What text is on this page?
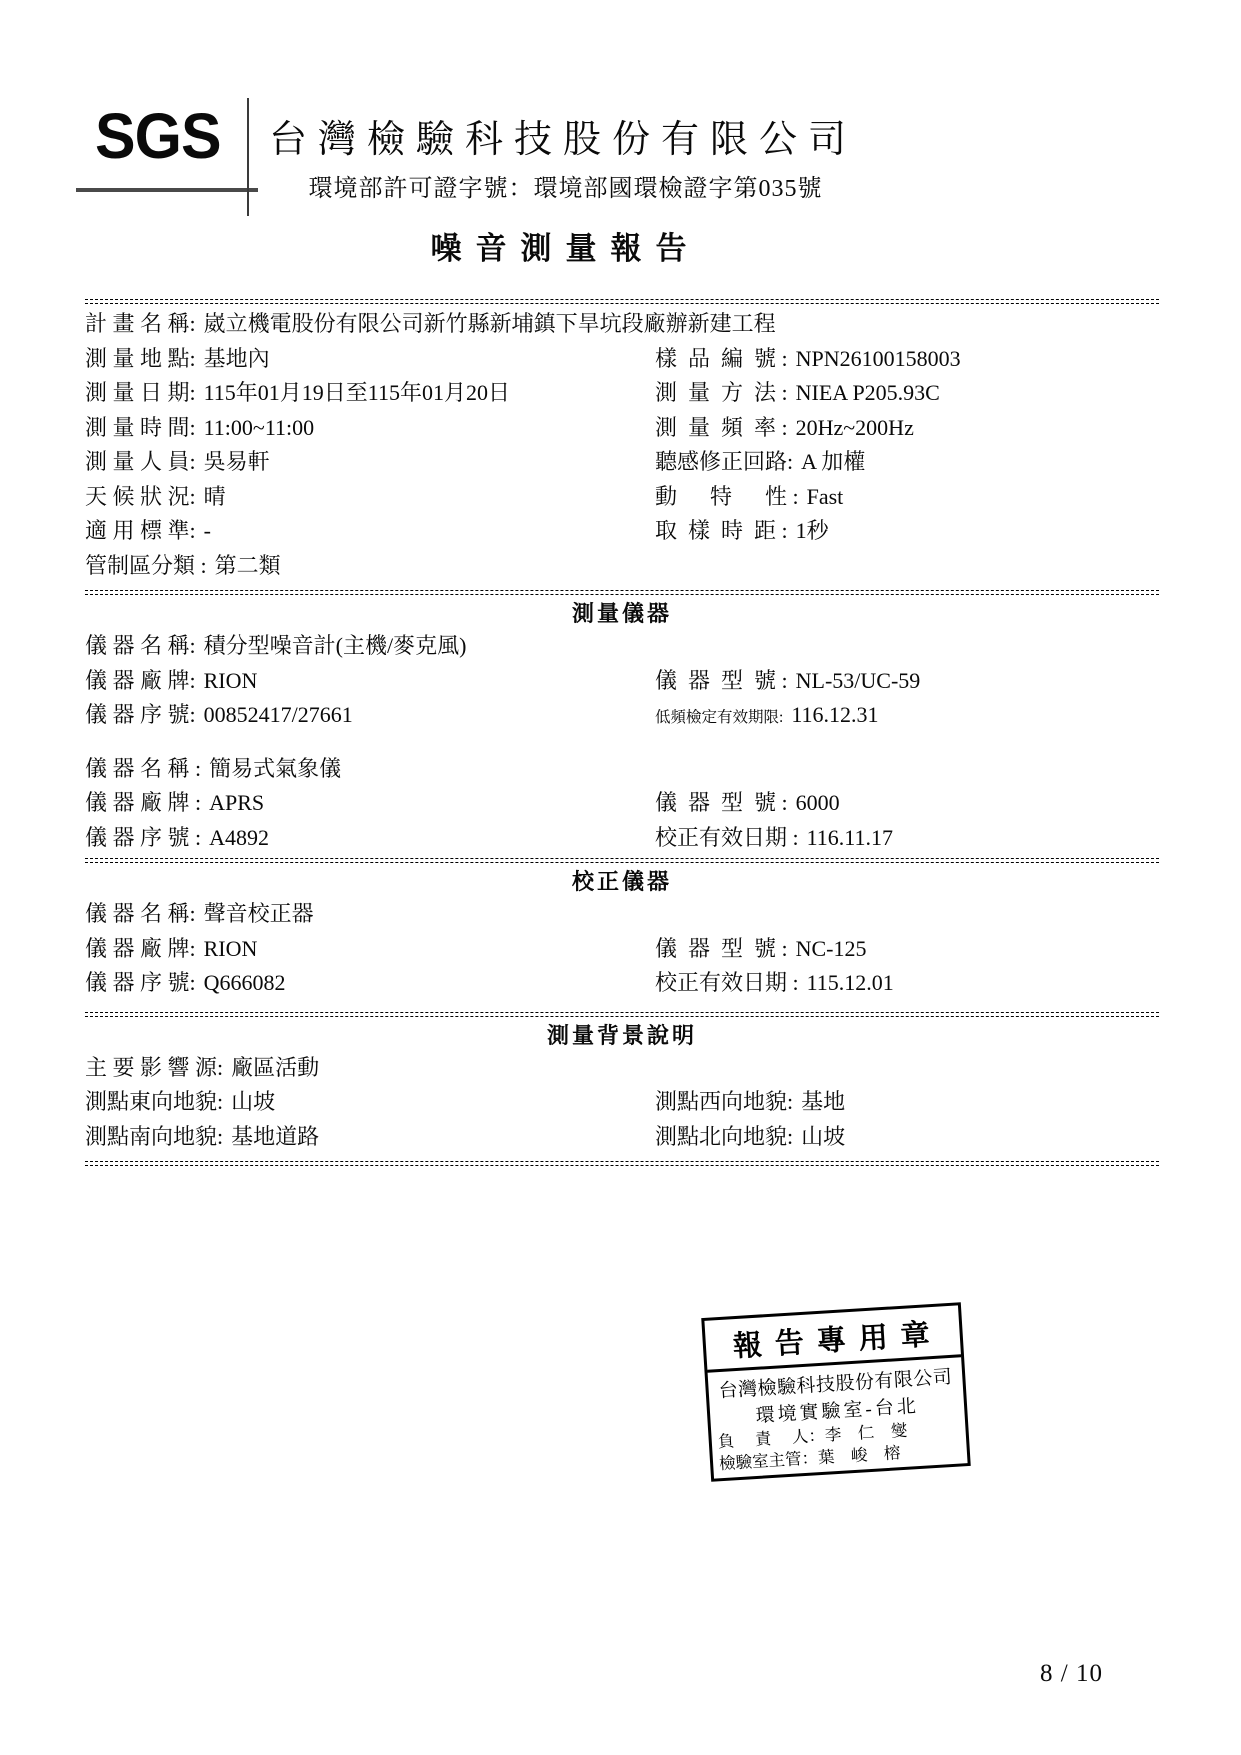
SGS	台灣檢驗科技股份有限公司
環境部許可證字號：環境部國環檢證字第035號
噪音測量報告
計 畫 名 稱: 崴立機電股份有限公司新竹縣新埔鎮下旱坑段廠辦新建工程
測 量 地 點: 基地內	樣  品  編  號 : NPN26100158003
測 量 日 期: 115年01月19日至115年01月20日	測  量  方  法 : NIEA P205.93C
測 量 時 間: 11:00~11:00	測  量  頻  率 : 20Hz~200Hz
測 量 人 員: 吳易軒	聽感修正回路: A 加權
天 候 狀 況: 晴	動　  特　  性 : Fast
適 用 標 準: -	取  樣  時  距 : 1秒
管制區分類 : 第二類
測量儀器
儀 器 名 稱: 積分型噪音計(主機/麥克風)
儀 器 廠 牌: RION	儀  器  型  號 : NL-53/UC-59
儀 器 序 號: 00852417/27661	低頻檢定有效期限: 116.12.31
儀 器 名 稱 : 簡易式氣象儀
儀 器 廠 牌 : APRS	儀  器  型  號 : 6000
儀 器 序 號 : A4892	校正有效日期 : 116.11.17
校正儀器
儀 器 名 稱: 聲音校正器
儀 器 廠 牌: RION	儀  器  型  號 : NC-125
儀 器 序 號: Q666082	校正有效日期 : 115.12.01
測量背景說明
主 要 影 響 源: 廠區活動
測點東向地貌: 山坡	測點西向地貌: 基地
測點南向地貌: 基地道路	測點北向地貌: 山坡
報告專用章
台灣檢驗科技股份有限公司
環境實驗室-台北
負　 責　 人：
李　仁　燮
檢驗室主管：
葉　峻　榕
8 / 10
